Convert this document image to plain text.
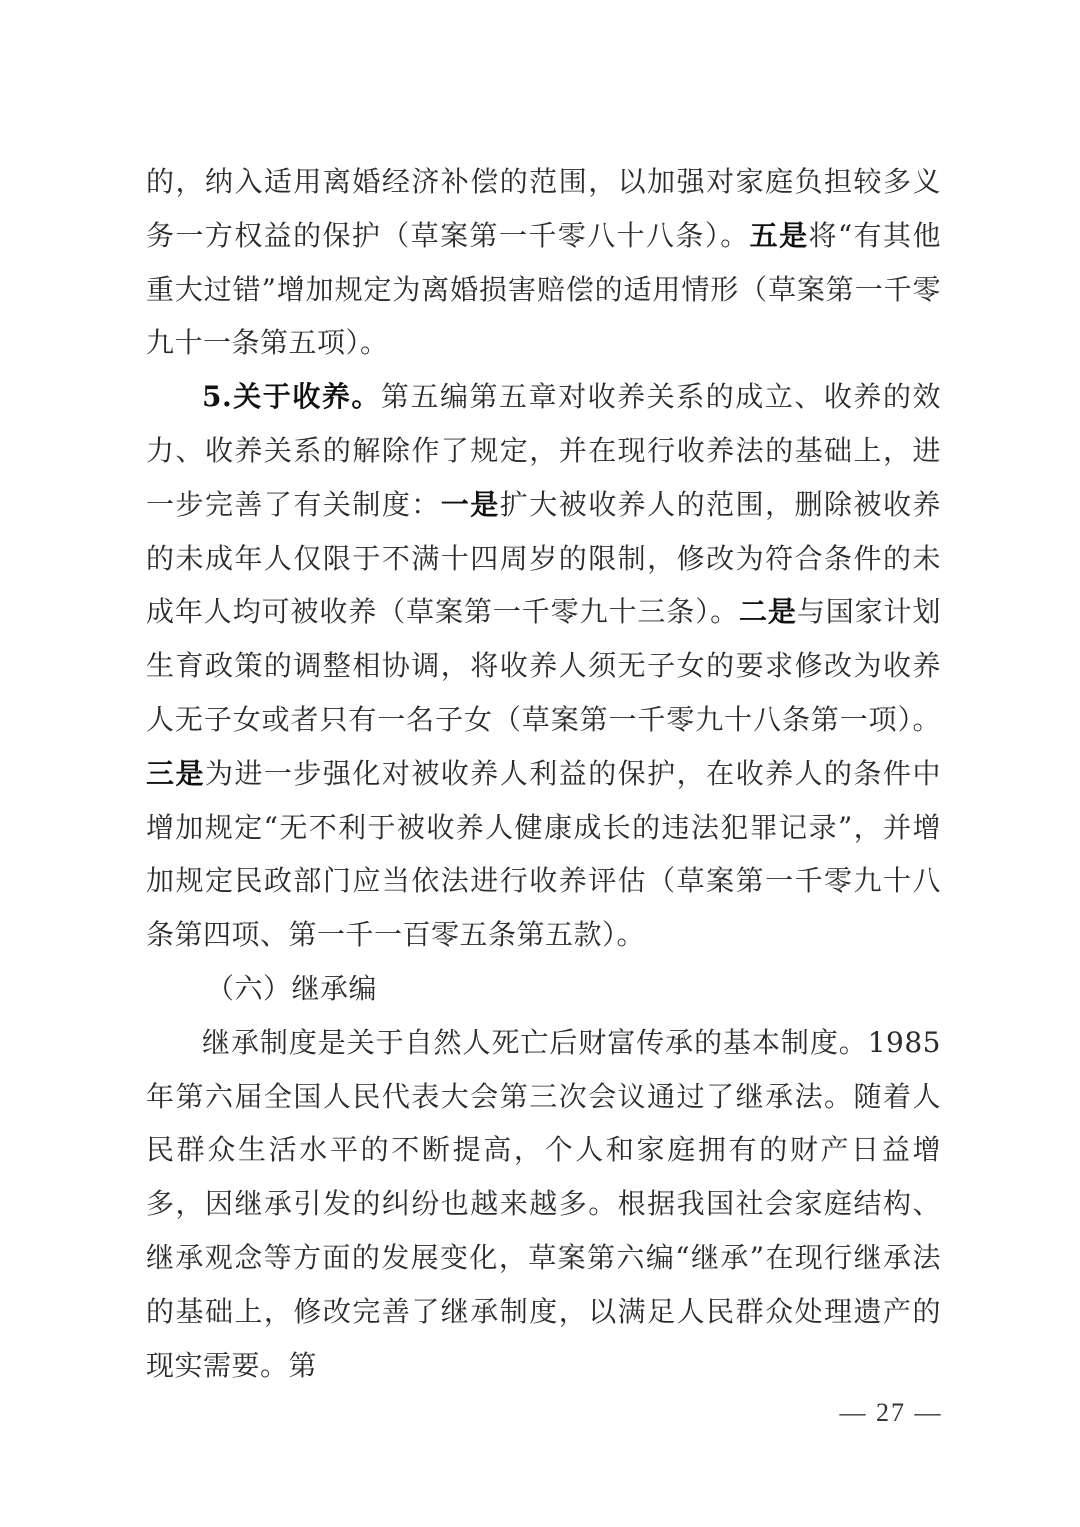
的，纳入适用离婚经济补偿的范围，以加强对家庭负担较多义务一方权益的保护（草案第一千零八十八条）。五是将“有其他重大过错”增加规定为离婚损害赔偿的适用情形（草案第一千零九十一条第五项）。

5.关于收养。第五编第五章对收养关系的成立、收养的效力、收养关系的解除作了规定，并在现行收养法的基础上，进一步完善了有关制度：一是扩大被收养人的范围，删除被收养的未成年人仅限于不满十四周岁的限制，修改为符合条件的未成年人均可被收养（草案第一千零九十三条）。二是与国家计划生育政策的调整相协调，将收养人须无子女的要求修改为收养人无子女或者只有一名子女（草案第一千零九十八条第一项）。三是为进一步强化对被收养人利益的保护，在收养人的条件中增加规定“无不利于被收养人健康成长的违法犯罪记录”，并增加规定民政部门应当依法进行收养评估（草案第一千零九十八条第四项、第一千一百零五条第五款）。

（六）继承编

继承制度是关于自然人死亡后财富传承的基本制度。1985年第六届全国人民代表大会第三次会议通过了继承法。随着人民群众生活水平的不断提高，个人和家庭拥有的财产日益增多，因继承引发的纠纷也越来越多。根据我国社会家庭结构、继承观念等方面的发展变化，草案第六编“继承”在现行继承法的基础上，修改完善了继承制度，以满足人民群众处理遗产的现实需要。第

— 27 —
